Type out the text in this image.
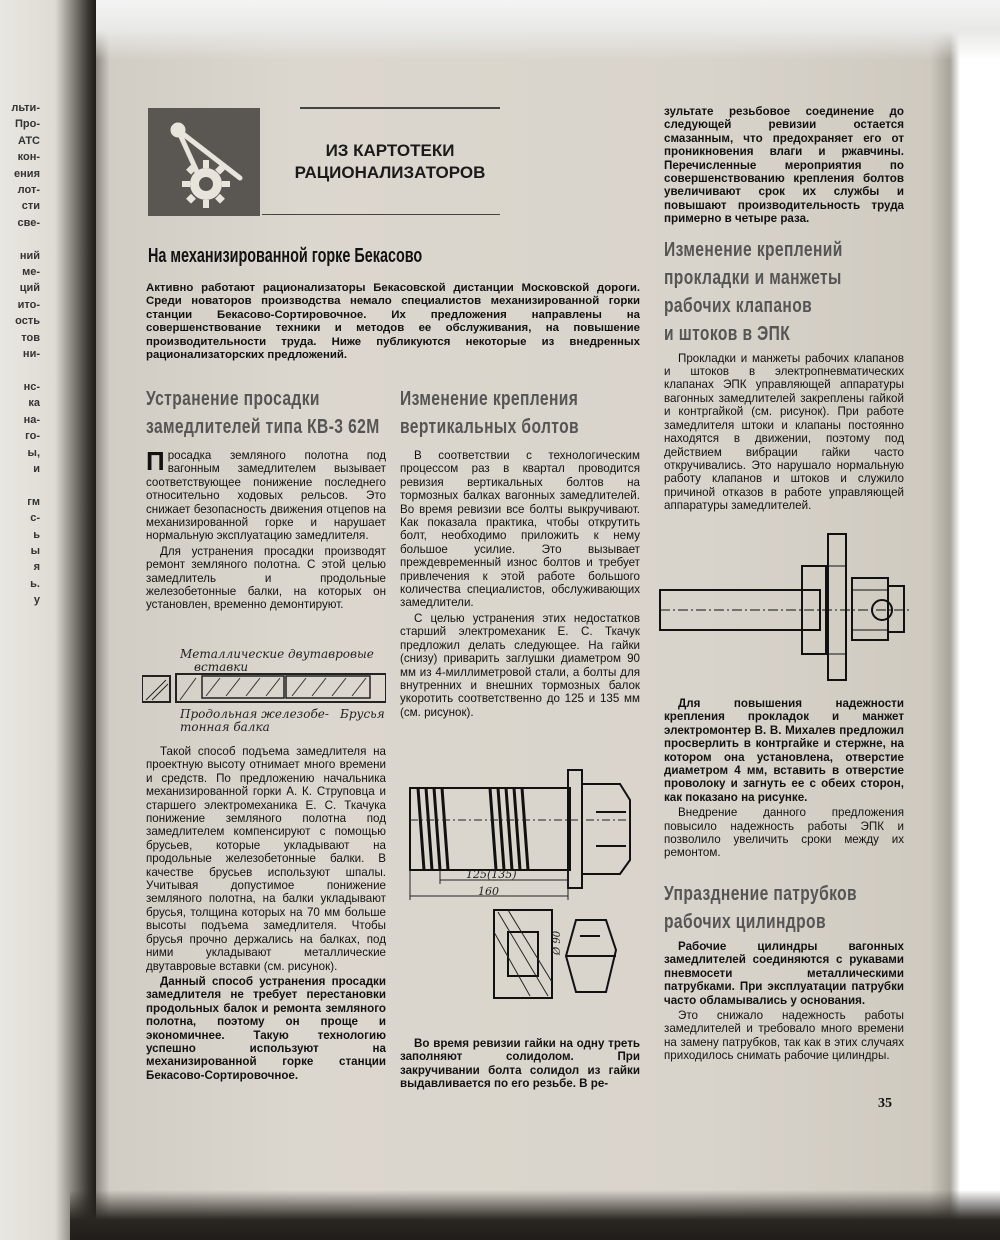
льти-
Про-
АТС
кон-
ения
лот-
сти
све-

ний
ме-
ций
ито-
ость
тов
ни-

нс-
ка
на-
го-
ы,
и

гм
с-
ь
ы
я
ь.
у
ИЗ КАРТОТЕКИ
РАЦИОНАЛИЗАТОРОВ
На механизированной горке Бекасово
Активно работают рационализаторы Бекасовской дистанции Московской дороги. Среди новаторов производства немало специалистов механизированной горки станции Бекасово-Сортировочное. Их предложения направлены на совершенствование техники и методов ее обслуживания, на повышение производительности труда. Ниже публикуются некоторые из внедренных рационализаторских предложений.
Устранение просадки
замедлителей типа КВ-3 62М

Просадка земляного полотна под вагонным замедлителем вызывает соответствующее понижение последнего относительно ходовых рельсов. Это снижает безопасность движения отцепов на механизированной горке и нарушает нормальную эксплуатацию замедлителя.

Для устранения просадки производят ремонт земляного полотна. С этой целью замедлитель и продольные железобетонные балки, на которых он установлен, временно демонтируют.

Металлические двутавровые
вставки
Продольная железобе-
тонная балка
Брусья

Такой способ подъема замедлителя на проектную высоту отнимает много времени и средств. По предложению начальника механизированной горки А. К. Струповца и старшего электромеханика Е. С. Ткачука понижение земляного полотна под замедлителем компенсируют с помощью брусьев, которые укладывают на продольные железобетонные балки. В качестве брусьев используют шпалы. Учитывая допустимое понижение земляного полотна, на балки укладывают брусья, толщина которых на 70 мм больше высоты подъема замедлителя. Чтобы брусья прочно держались на балках, под ними укладывают металлические двутавровые вставки (см. рисунок).

Данный способ устранения просадки замедлителя не требует перестановки продольных балок и ремонта земляного полотна, поэтому он проще и экономичнее. Такую технологию успешно используют на механизированной горке станции Бекасово-Сортировочное.

Изменение крепления
вертикальных болтов

В соответствии с технологическим процессом раз в квартал проводится ревизия вертикальных болтов на тормозных балках вагонных замедлителей. Во время ревизии все болты выкручивают. Как показала практика, чтобы открутить болт, необходимо приложить к нему большое усилие. Это вызывает преждевременный износ болтов и требует привлечения к этой работе большого количества специалистов, обслуживающих замедлители.

С целью устранения этих недостатков старший электромеханик Е. С. Ткачук предложил делать следующее. На гайки (снизу) приварить заглушки диаметром 90 мм из 4-миллиметровой стали, а болты для внутренних и внешних тормозных балок укоротить соответственно до 125 и 135 мм (см. рисунок).

125(135)
160
Ø 90

Во время ревизии гайки на одну треть заполняют солидолом. При закручивании болта солидол из гайки выдавливается по его резьбе. В ре-

зультате резьбовое соединение до следующей ревизии остается смазанным, что предохраняет его от проникновения влаги и ржавчины. Перечисленные мероприятия по совершенствованию крепления болтов увеличивают срок их службы и повышают производительность труда примерно в четыре раза.

Изменение креплений
прокладки и манжеты
рабочих клапанов
и штоков в ЭПК

Прокладки и манжеты рабочих клапанов и штоков в электропневматических клапанах ЭПК управляющей аппаратуры вагонных замедлителей закреплены гайкой и контргайкой (см. рисунок). При работе замедлителя штоки и клапаны постоянно находятся в движении, поэтому под действием вибрации гайки часто откручивались. Это нарушало нормальную работу клапанов и штоков и служило причиной отказов в работе управляющей аппаратуры замедлителей.

Для повышения надежности крепления прокладок и манжет электромонтер В. В. Михалев предложил просверлить в контргайке и стержне, на котором она установлена, отверстие диаметром 4 мм, вставить в отверстие проволоку и загнуть ее с обеих сторон, как показано на рисунке.

Внедрение данного предложения повысило надежность работы ЭПК и позволило увеличить сроки между их ремонтом.

Упразднение патрубков
рабочих цилиндров

Рабочие цилиндры вагонных замедлителей соединяются с рукавами пневмосети металлическими патрубками. При эксплуатации патрубки часто обламывались у основания.

Это снижало надежность работы замедлителей и требовало много времени на замену патрубков, так как в этих случаях приходилось снимать рабочие цилиндры.

35
